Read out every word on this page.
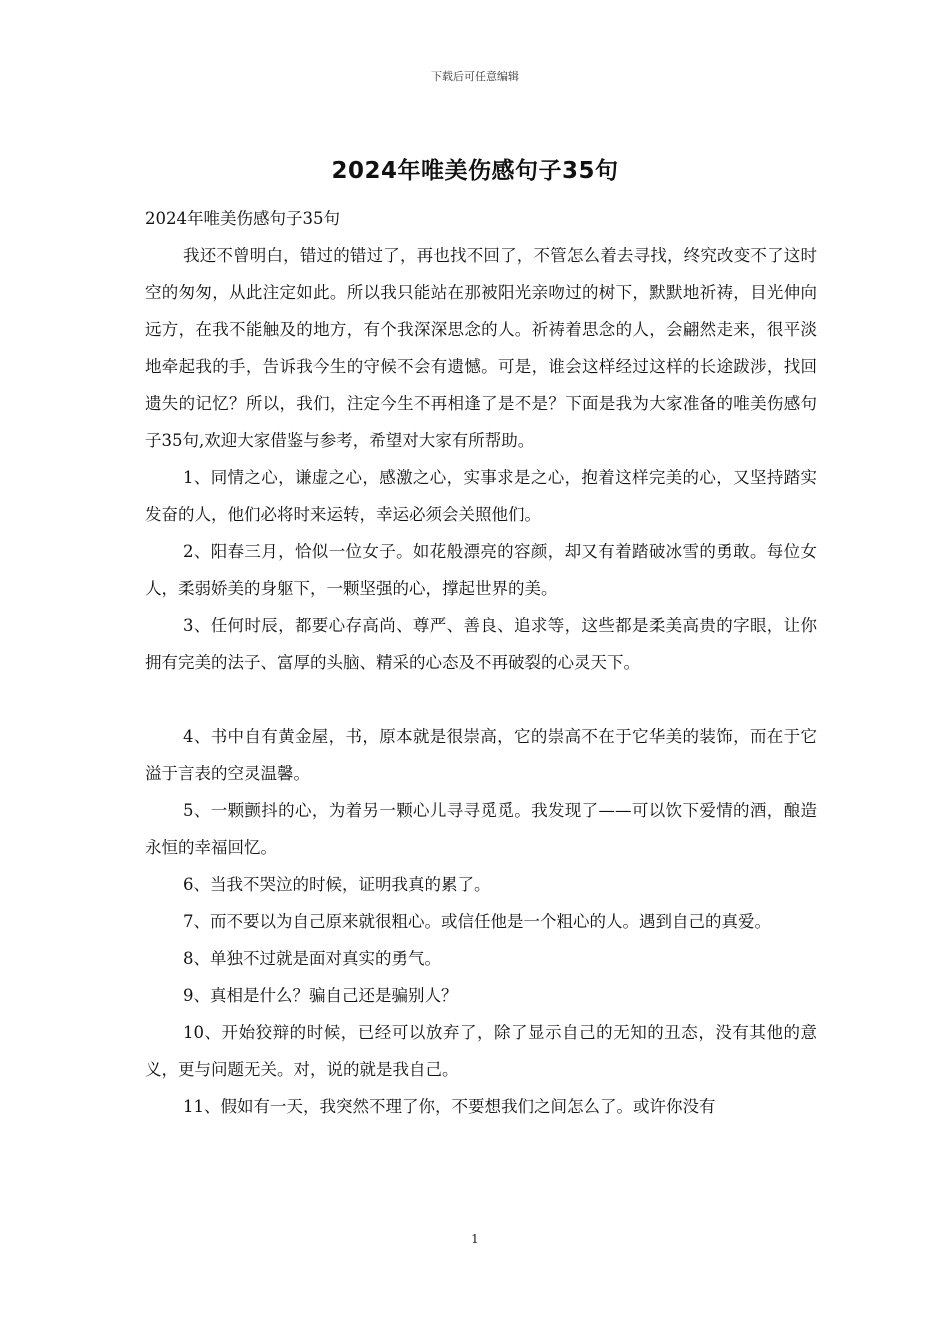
下载后可任意编辑
2024年唯美伤感句子35句

2024年唯美伤感句子35句

我还不曾明白，错过的错过了，再也找不回了，不管怎么着去寻找，终究改变不了这时空的匆匆，从此注定如此。所以我只能站在那被阳光亲吻过的树下，默默地祈祷，目光伸向远方，在我不能触及的地方，有个我深深思念的人。祈祷着思念的人，会翩然走来，很平淡地牵起我的手，告诉我今生的守候不会有遗憾。可是，谁会这样经过这样的长途跋涉，找回遗失的记忆？所以，我们，注定今生不再相逢了是不是？下面是我为大家准备的唯美伤感句子35句,欢迎大家借鉴与参考，希望对大家有所帮助。

1、同情之心，谦虚之心，感激之心，实事求是之心，抱着这样完美的心，又坚持踏实发奋的人，他们必将时来运转，幸运必须会关照他们。

2、阳春三月，恰似一位女子。如花般漂亮的容颜，却又有着踏破冰雪的勇敢。每位女人，柔弱娇美的身躯下，一颗坚强的心，撑起世界的美。

3、任何时辰，都要心存高尚、尊严、善良、追求等，这些都是柔美高贵的字眼，让你拥有完美的法子、富厚的头脑、精采的心态及不再破裂的心灵天下。

4、书中自有黄金屋，书，原本就是很崇高，它的崇高不在于它华美的装饰，而在于它溢于言表的空灵温馨。

5、一颗颤抖的心，为着另一颗心儿寻寻觅觅。我发现了——可以饮下爱情的酒，酿造永恒的幸福回忆。

6、当我不哭泣的时候，证明我真的累了。

7、而不要以为自己原来就很粗心。或信任他是一个粗心的人。遇到自己的真爱。

8、单独不过就是面对真实的勇气。

9、真相是什么？骗自己还是骗别人？

10、开始狡辩的时候，已经可以放弃了，除了显示自己的无知的丑态，没有其他的意义，更与问题无关。对，说的就是我自己。

11、假如有一天，我突然不理了你，不要想我们之间怎么了。或许你没有

1
